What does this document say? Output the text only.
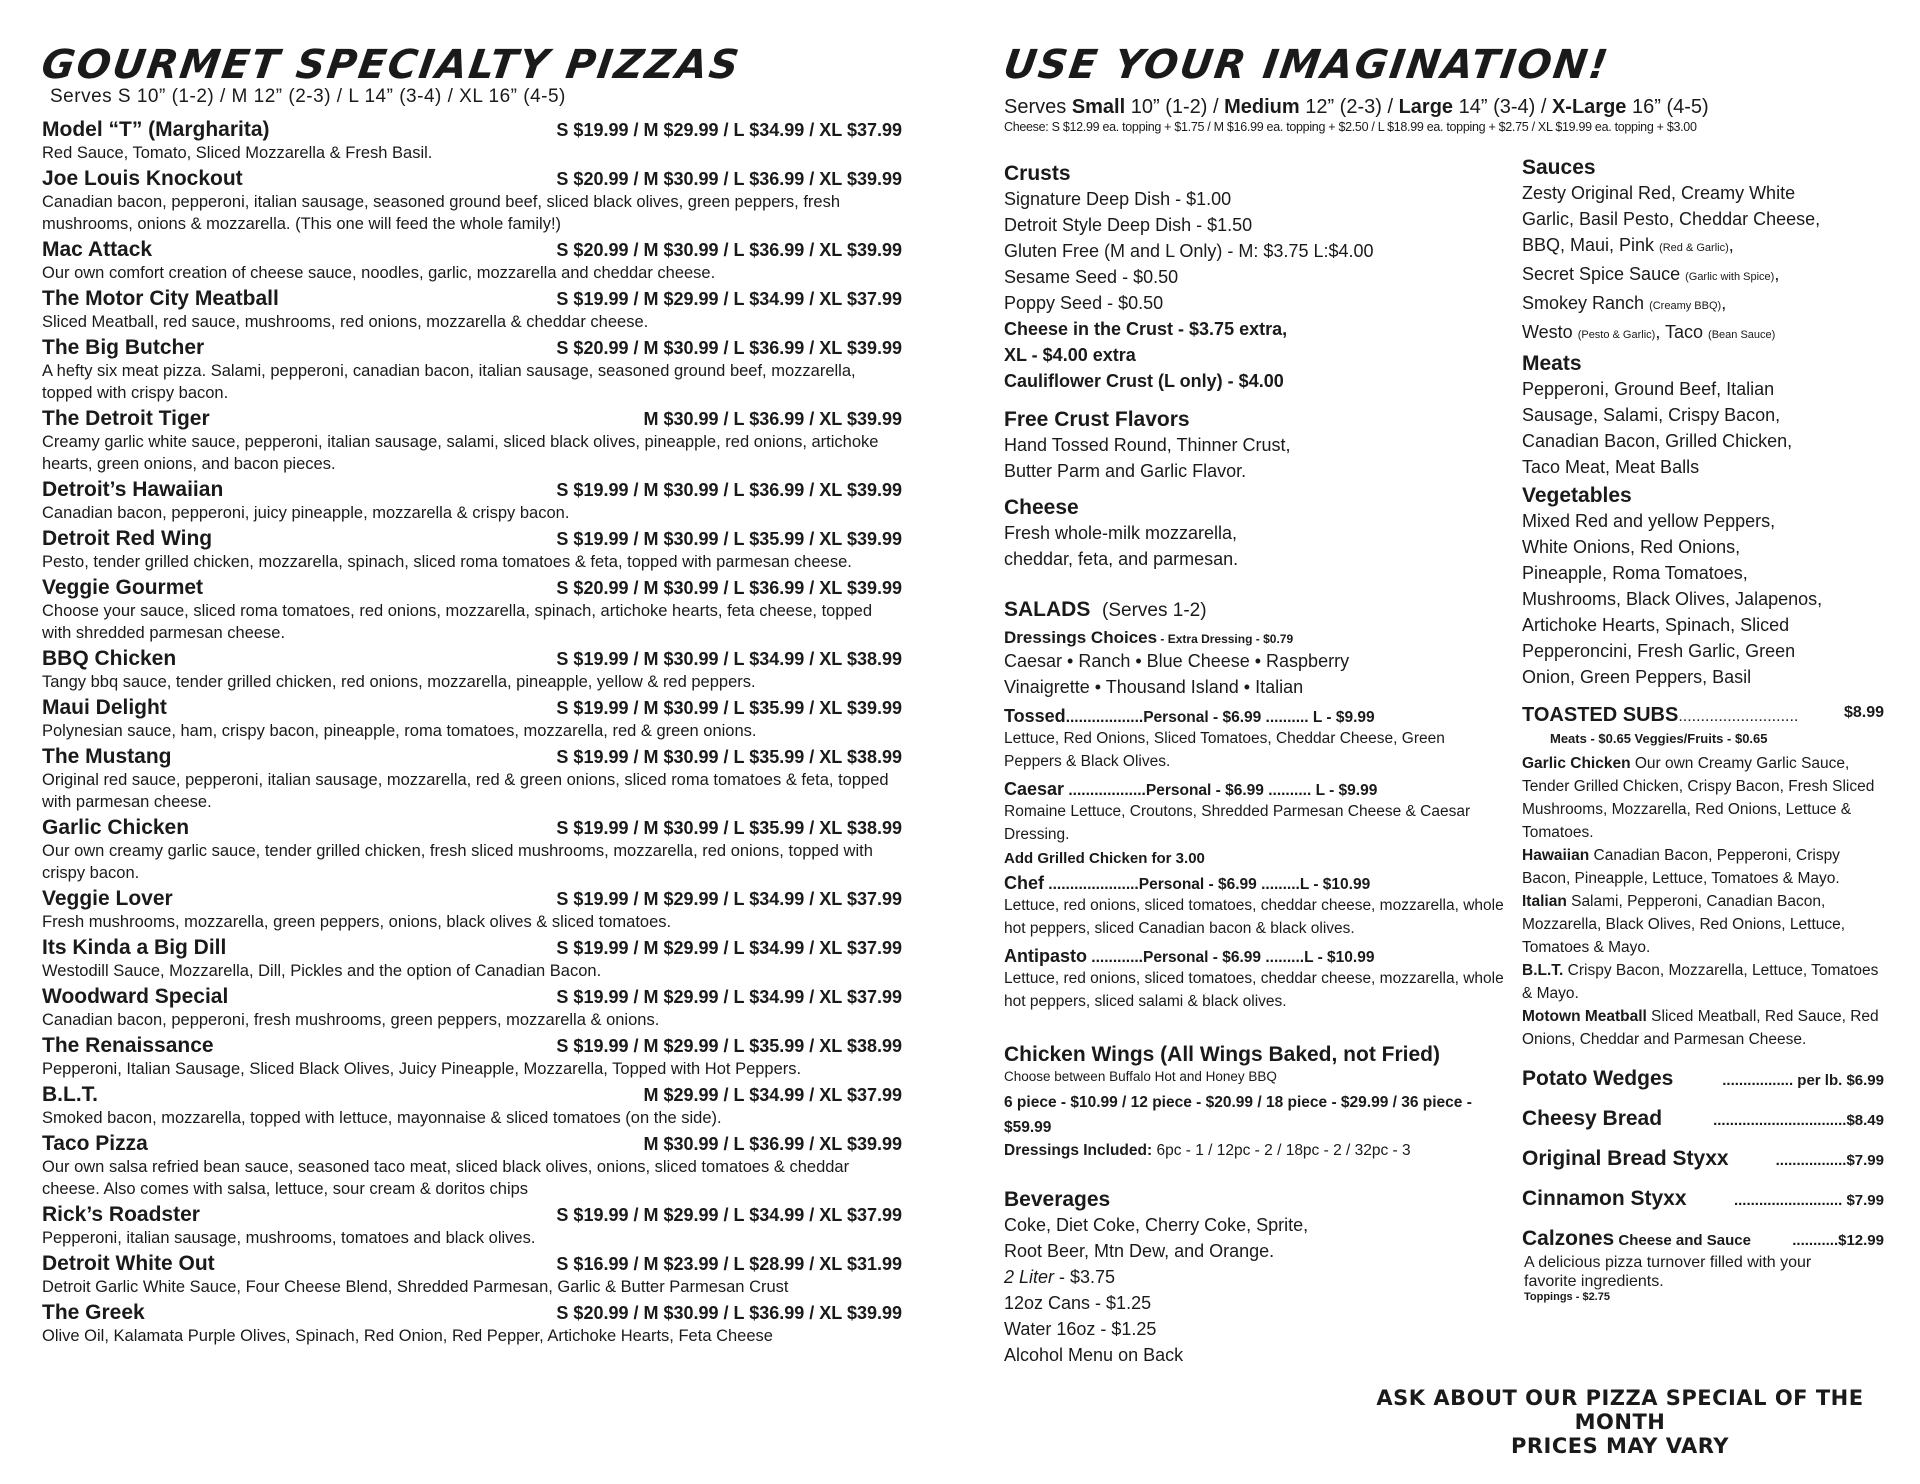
GOURMET SPECIALTY PIZZAS
Serves S 10” (1-2) / M 12” (2-3) / L 14” (3-4) / XL 16” (4-5)
Model “T” (Margharita)	S $19.99 / M $29.99 / L $34.99 / XL $37.99
Red Sauce, Tomato, Sliced Mozzarella & Fresh Basil.
Joe Louis Knockout	S $20.99 / M $30.99 / L $36.99 / XL $39.99
Canadian bacon, pepperoni, italian sausage, seasoned ground beef, sliced black olives, green peppers, fresh mushrooms, onions & mozzarella. (This one will feed the whole family!)
Mac Attack	S $20.99 / M $30.99 / L $36.99 / XL $39.99
Our own comfort creation of cheese sauce, noodles, garlic, mozzarella and cheddar cheese.
The Motor City Meatball	S $19.99 / M $29.99 / L $34.99 / XL $37.99
Sliced Meatball, red sauce, mushrooms, red onions, mozzarella & cheddar cheese.
The Big Butcher	S $20.99 / M $30.99 / L $36.99 / XL $39.99
A hefty six meat pizza. Salami, pepperoni, canadian bacon, italian sausage, seasoned ground beef, mozzarella, topped with crispy bacon.
The Detroit Tiger	M $30.99 / L $36.99 / XL $39.99
Creamy garlic white sauce, pepperoni, italian sausage, salami, sliced black olives, pineapple, red onions, artichoke hearts, green onions, and bacon pieces.
Detroit’s Hawaiian	S $19.99 / M $30.99 / L $36.99 / XL $39.99
Canadian bacon, pepperoni, juicy pineapple, mozzarella & crispy bacon.
Detroit Red Wing	S $19.99 / M $30.99 / L $35.99 / XL $39.99
Pesto, tender grilled chicken, mozzarella, spinach, sliced roma tomatoes & feta, topped with parmesan cheese.
Veggie Gourmet	S $20.99 / M $30.99 / L $36.99 / XL $39.99
Choose your sauce, sliced roma tomatoes, red onions, mozzarella, spinach, artichoke hearts, feta cheese, topped with shredded parmesan cheese.
BBQ Chicken	S $19.99 / M $30.99 / L $34.99 / XL $38.99
Tangy bbq sauce, tender grilled chicken, red onions, mozzarella, pineapple, yellow & red peppers.
Maui Delight	S $19.99 / M $30.99 / L $35.99 / XL $39.99
Polynesian sauce, ham, crispy bacon, pineapple, roma tomatoes, mozzarella, red & green onions.
The Mustang	S $19.99 / M $30.99 / L $35.99 / XL $38.99
Original red sauce, pepperoni, italian sausage, mozzarella, red & green onions, sliced roma tomatoes & feta, topped with parmesan cheese.
Garlic Chicken	S $19.99 / M $30.99 / L $35.99 / XL $38.99
Our own creamy garlic sauce, tender grilled chicken, fresh sliced mushrooms, mozzarella, red onions, topped with crispy bacon.
Veggie Lover	S $19.99 / M $29.99 / L $34.99 / XL $37.99
Fresh mushrooms, mozzarella, green peppers, onions, black olives & sliced tomatoes.
Its Kinda a Big Dill	S $19.99 / M $29.99 / L $34.99 / XL $37.99
Westodill Sauce, Mozzarella, Dill, Pickles and the option of Canadian Bacon.
Woodward Special	S $19.99 / M $29.99 / L $34.99 / XL $37.99
Canadian bacon, pepperoni, fresh mushrooms, green peppers, mozzarella & onions.
The Renaissance	S $19.99 / M $29.99 / L $35.99 / XL $38.99
Pepperoni, Italian Sausage, Sliced Black Olives, Juicy Pineapple, Mozzarella, Topped with Hot Peppers.
B.L.T.	M $29.99 / L $34.99 / XL $37.99
Smoked bacon, mozzarella, topped with lettuce, mayonnaise & sliced tomatoes (on the side).
Taco Pizza	M $30.99 / L $36.99 / XL $39.99
Our own salsa refried bean sauce, seasoned taco meat, sliced black olives, onions, sliced tomatoes & cheddar cheese. Also comes with salsa, lettuce, sour cream & doritos chips
Rick’s Roadster	S $19.99 / M $29.99 / L $34.99 / XL $37.99
Pepperoni, italian sausage, mushrooms, tomatoes and black olives.
Detroit White Out	S $16.99 / M $23.99 / L $28.99 / XL $31.99
Detroit Garlic White Sauce, Four Cheese Blend, Shredded Parmesan, Garlic & Butter Parmesan Crust
The Greek	S $20.99 / M $30.99 / L $36.99 / XL $39.99
Olive Oil, Kalamata Purple Olives, Spinach, Red Onion, Red Pepper, Artichoke Hearts, Feta Cheese
USE YOUR IMAGINATION!
Serves Small 10” (1-2) / Medium 12” (2-3) / Large 14” (3-4) / X-Large 16” (4-5)
Cheese: S $12.99 ea. topping + $1.75 / M $16.99 ea. topping + $2.50 / L $18.99 ea. topping + $2.75 / XL $19.99 ea. topping + $3.00
Crusts
Signature Deep Dish - $1.00
Detroit Style Deep Dish - $1.50
Gluten Free (M and L Only) - M: $3.75 L:$4.00
Sesame Seed - $0.50
Poppy Seed - $0.50
Cheese in the Crust - $3.75 extra,
XL - $4.00 extra
Cauliflower Crust (L only) - $4.00
Free Crust Flavors
Hand Tossed Round, Thinner Crust,
Butter Parm and Garlic Flavor.
Cheese
Fresh whole-milk mozzarella,
cheddar, feta, and parmesan.
SALADS (Serves 1-2)
Dressings Choices - Extra Dressing - $0.79
Caesar • Ranch • Blue Cheese • Raspberry
Vinaigrette • Thousand Island • Italian
Tossed..................Personal - $6.99 .......... L - $9.99
Lettuce, Red Onions, Sliced Tomatoes, Cheddar Cheese, Green Peppers & Black Olives.
Caesar ..................Personal - $6.99 .......... L - $9.99
Romaine Lettuce, Croutons, Shredded Parmesan Cheese & Caesar Dressing.
Add Grilled Chicken for 3.00
Chef .....................Personal - $6.99 .........L - $10.99
Lettuce, red onions, sliced tomatoes, cheddar cheese, mozzarella, whole hot peppers, sliced Canadian bacon & black olives.
Antipasto ............Personal - $6.99 .........L - $10.99
Lettuce, red onions, sliced tomatoes, cheddar cheese, mozzarella, whole hot peppers, sliced salami & black olives.
Chicken Wings (All Wings Baked, not Fried)
Choose between Buffalo Hot and Honey BBQ
6 piece - $10.99 / 12 piece - $20.99 / 18 piece - $29.99 / 36 piece - $59.99
Dressings Included: 6pc - 1 / 12pc - 2 / 18pc - 2 / 32pc - 3
Beverages
Coke, Diet Coke, Cherry Coke, Sprite,
Root Beer, Mtn Dew, and Orange.
2 Liter - $3.75
12oz Cans - $1.25
Water 16oz - $1.25
Alcohol Menu on Back
Sauces
Zesty Original Red, Creamy White
Garlic, Basil Pesto, Cheddar Cheese,
BBQ, Maui, Pink (Red & Garlic),
Secret Spice Sauce (Garlic with Spice),
Smokey Ranch (Creamy BBQ),
Westo (Pesto & Garlic), Taco (Bean Sauce)
Meats
Pepperoni, Ground Beef, Italian
Sausage, Salami, Crispy Bacon,
Canadian Bacon, Grilled Chicken,
Taco Meat, Meat Balls
Vegetables
Mixed Red and yellow Peppers,
White Onions, Red Onions,
Pineapple, Roma Tomatoes,
Mushrooms, Black Olives, Jalapenos,
Artichoke Hearts, Spinach, Sliced
Pepperoncini, Fresh Garlic, Green
Onion, Green Peppers, Basil
TOASTED SUBS...........................	$8.99
Meats - $0.65 Veggies/Fruits - $0.65
Garlic Chicken Our own Creamy Garlic Sauce, Tender Grilled Chicken, Crispy Bacon, Fresh Sliced Mushrooms, Mozzarella, Red Onions, Lettuce & Tomatoes.
Hawaiian Canadian Bacon, Pepperoni, Crispy Bacon, Pineapple, Lettuce, Tomatoes & Mayo.
Italian Salami, Pepperoni, Canadian Bacon, Mozzarella, Black Olives, Red Onions, Lettuce, Tomatoes & Mayo.
B.L.T. Crispy Bacon, Mozzarella, Lettuce, Tomatoes & Mayo.
Motown Meatball Sliced Meatball, Red Sauce, Red Onions, Cheddar and Parmesan Cheese.
Potato Wedges	................. per lb. $6.99
Cheesy Bread	................................$8.49
Original Bread Styxx	.................$7.99
Cinnamon Styxx	.......................... $7.99
Calzones Cheese and Sauce	...........$12.99
A delicious pizza turnover filled with your favorite ingredients.
Toppings - $2.75
ASK ABOUT OUR PIZZA SPECIAL OF THE MONTH
PRICES MAY VARY
